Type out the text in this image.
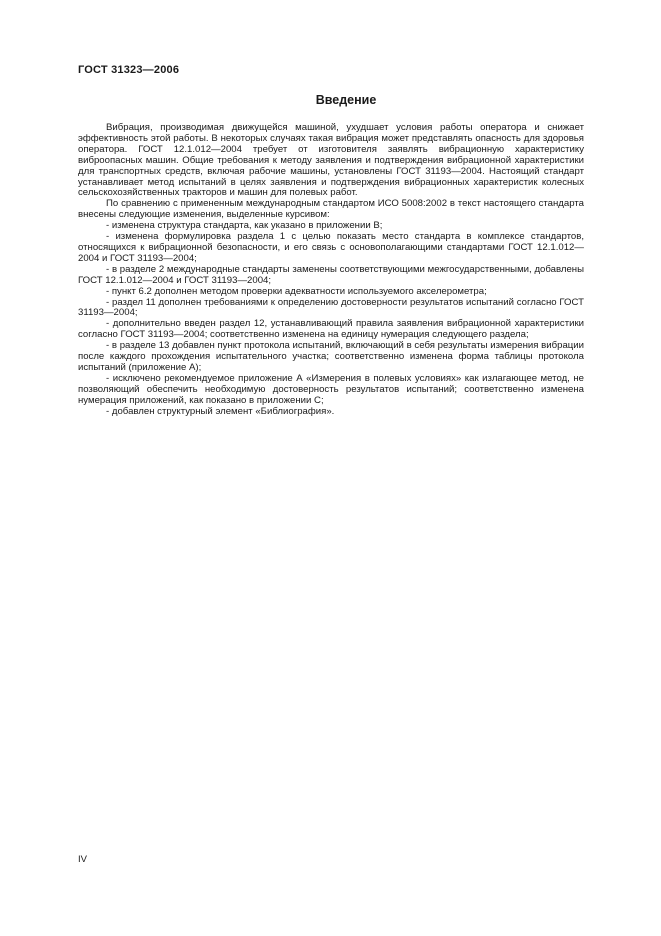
ГОСТ 31323—2006
Введение

Вибрация, производимая движущейся машиной, ухудшает условия работы оператора и снижает эффективность этой работы. В некоторых случаях такая вибрация может представлять опасность для здоровья оператора. ГОСТ 12.1.012—2004 требует от изготовителя заявлять вибрационную характеристику виброопасных машин. Общие требования к методу заявления и подтверждения вибрационной характеристики для транспортных средств, включая рабочие машины, установлены ГОСТ 31193—2004. Настоящий стандарт устанавливает метод испытаний в целях заявления и подтверждения вибрационных характеристик колесных сельскохозяйственных тракторов и машин для полевых работ.

По сравнению с примененным международным стандартом ИСО 5008:2002 в текст настоящего стандарта внесены следующие изменения, выделенные курсивом:

- изменена структура стандарта, как указано в приложении В;

- изменена формулировка раздела 1 с целью показать место стандарта в комплексе стандартов, относящихся к вибрационной безопасности, и его связь с основополагающими стандартами ГОСТ 12.1.012—2004 и ГОСТ 31193—2004;

- в разделе 2 международные стандарты заменены соответствующими межгосударственными, добавлены ГОСТ 12.1.012—2004 и ГОСТ 31193—2004;

- пункт 6.2 дополнен методом проверки адекватности используемого акселерометра;

- раздел 11 дополнен требованиями к определению достоверности результатов испытаний согласно ГОСТ 31193—2004;

- дополнительно введен раздел 12, устанавливающий правила заявления вибрационной характеристики согласно ГОСТ 31193—2004; соответственно изменена на единицу нумерация следующего раздела;

- в разделе 13 добавлен пункт протокола испытаний, включающий в себя результаты измерения вибрации после каждого прохождения испытательного участка; соответственно изменена форма таблицы протокола испытаний (приложение А);

- исключено рекомендуемое приложение А «Измерения в полевых условиях» как излагающее метод, не позволяющий обеспечить необходимую достоверность результатов испытаний; соответственно изменена нумерация приложений, как показано в приложении С;

- добавлен структурный элемент «Библиография».

IV
